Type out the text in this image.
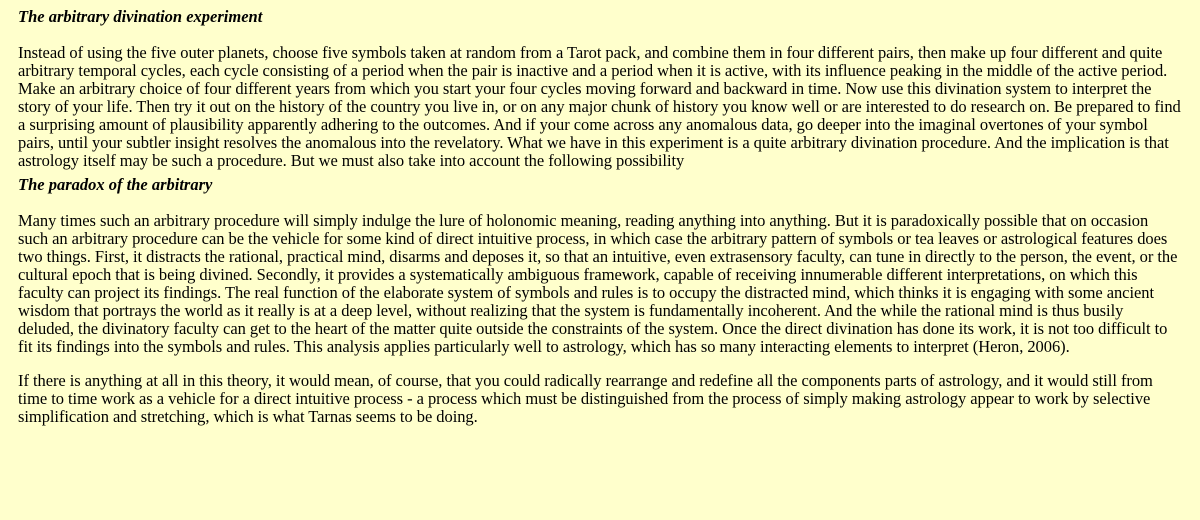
The arbitrary divination experiment

Instead of using the five outer planets, choose five symbols taken at random from a Tarot pack, and combine them in four different pairs, then make up four different and quite arbitrary temporal cycles, each cycle consisting of a period when the pair is inactive and a period when it is active, with its influence peaking in the middle of the active period. Make an arbitrary choice of four different years from which you start your four cycles moving forward and backward in time. Now use this divination system to interpret the story of your life. Then try it out on the history of the country you live in, or on any major chunk of history you know well or are interested to do research on. Be prepared to find a surprising amount of plausibility apparently adhering to the outcomes. And if your come across any anomalous data, go deeper into the imaginal overtones of your symbol pairs, until your subtler insight resolves the anomalous into the revelatory. What we have in this experiment is a quite arbitrary divination procedure. And the implication is that astrology itself may be such a procedure. But we must also take into account the following possibility

The paradox of the arbitrary

Many times such an arbitrary procedure will simply indulge the lure of holonomic meaning, reading anything into anything. But it is paradoxically possible that on occasion such an arbitrary procedure can be the vehicle for some kind of direct intuitive process, in which case the arbitrary pattern of symbols or tea leaves or astrological features does two things. First, it distracts the rational, practical mind, disarms and deposes it, so that an intuitive, even extrasensory faculty, can tune in directly to the person, the event, or the cultural epoch that is being divined. Secondly, it provides a systematically ambiguous framework, capable of receiving innumerable different interpretations, on which this faculty can project its findings. The real function of the elaborate system of symbols and rules is to occupy the distracted mind, which thinks it is engaging with some ancient wisdom that portrays the world as it really is at a deep level, without realizing that the system is fundamentally incoherent. And the while the rational mind is thus busily deluded, the divinatory faculty can get to the heart of the matter quite outside the constraints of the system. Once the direct divination has done its work, it is not too difficult to fit its findings into the symbols and rules. This analysis applies particularly well to astrology, which has so many interacting elements to interpret (Heron, 2006).

If there is anything at all in this theory, it would mean, of course, that you could radically rearrange and redefine all the components parts of astrology, and it would still from time to time work as a vehicle for a direct intuitive process - a process which must be distinguished from the process of simply making astrology appear to work by selective simplification and stretching, which is what Tarnas seems to be doing.
